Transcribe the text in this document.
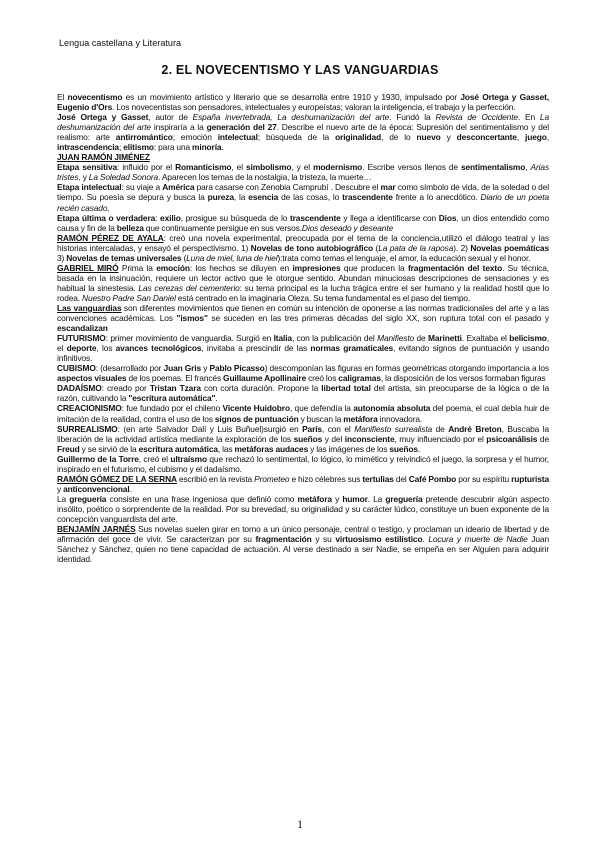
Lengua castellana y Literatura
2. EL NOVECENTISMO Y LAS VANGUARDIAS

El novecentismo es un movimiento artístico y literario que se desarrolla entre 1910 y 1930, impulsado por José Ortega y Gasset, Eugenio d'Ors. Los novecentistas son pensadores, intelectuales y europeístas; valoran la inteligencia, el trabajo y la perfección.

José Ortega y Gasset, autor de España invertebrada, La deshumanización del arte. Fundó la Revista de Occidente. En La deshumanización del arte inspiraría a la generación del 27. Describe el nuevo arte de la época: Supresión del sentimentalismo y del realismo: arte antirromántico; emoción intelectual; búsqueda de la originalidad, de lo nuevo y desconcertante, juego, intrascendencia; elitismo: para una minoría.

JUAN RAMÓN JIMÉNEZ

Etapa sensitiva: influido por el Romanticismo, el simbolismo, y el modernismo. Escribe versos llenos de sentimentalismo, Arias tristes, y La Soledad Sonora. Aparecen los temas de la nostalgia, la tristeza, la muerte…

Etapa intelectual: su viaje a América para casarse con Zenobia Camprubí . Descubre el mar como símbolo de vida, de la soledad o del tiempo. Su poesía se depura y busca la pureza, la esencia de las cosas, lo trascendente frente a lo anecdótico. Diario de un poeta recién casado,

Etapa última o verdadera: exilio, prosigue su búsqueda de lo trascendente y llega a identificarse con Dios, un dios entendido como causa y fin de la belleza que continuamente persigue en sus versos.Dios deseado y deseante

RAMÓN PÉREZ DE AYALA: creó una novela experimental, preocupada por el tema de la conciencia,utilizó el diálogo teatral y las historias intercaladas, y ensayó el perspectivismo. 1) Novelas de tono autobiográfico (La pata de la raposa). 2) Novelas poemáticas 3) Novelas de temas universales (Luna de miel, luna de hiel):trata como temas el lenguaje, el amor, la educación sexual y el honor.

GABRIEL MIRÓ Prima la emoción: los hechos se diluyen en impresiones que producen la fragmentación del texto. Su técnica, basada en la insinuación, requiere un lector activo que le otorgue sentido. Abundan minuciosas descripciones de sensaciones y es habitual la sinestesia. Las cerezas del cementerio: su tema principal es la lucha trágica entre el ser humano y la realidad hostil que lo rodea. Nuestro Padre San Daniel está centrado en la imaginaria Oleza. Su tema fundamental es el paso del tiempo.

Las vanguardias son diferentes movimientos que tienen en común su intención de oponerse a las normas tradicionales del arte y a las convenciones académicas. Los "ismos" se suceden en las tres primeras décadas del siglo XX, son ruptura total con el pasado y escandalizan

FUTURISMO: primer movimiento de vanguardia. Surgió en Italia, con la publicación del Manifiesto de Marinetti. Exaltaba el belicismo, el deporte, los avances tecnológicos, invitaba a prescindir de las normas gramaticales, evitando signos de puntuación y usando infinitivos.

CUBISMO: (desarrollado por Juan Gris y Pablo Picasso) descomponían las figuras en formas geométricas otorgando importancia a los aspectos visuales de los poemas. El francés Guillaume Apollinaire creó los caligramas, la disposición de los versos formaban figuras

DADAÍSMO: creado por Tristan Tzara con corta duración. Propone la libertad total del artista, sin preocuparse de la lógica o de la razón, cultivando la "escritura automática".

CREACIONISMO: fue fundado por el chileno Vicente Huidobro, que defendía la autonomía absoluta del poema, el cual debía huir de imitación de la realidad, contra el uso de los signos de puntuación y buscan la metáfora innovadora.

SURREALISMO: (en arte Salvador Dalí y Luis Buñuel)surgió en París, con el Manifiesto surrealista de André Breton, Buscaba la liberación de la actividad artística mediante la exploración de los sueños y del inconsciente, muy influenciado por el psicoanálisis de Freud y se sirvió de la escritura automática, las metáforas audaces y las imágenes de los sueños.

Guillermo de la Torre, creó el ultraísmo que rechazó lo sentimental, lo lógico, lo mimético y reivindicó el juego, la sorpresa y el humor, inspirado en el futurismo, el cubismo y el dadaísmo.

RAMÓN GÓMEZ DE LA SERNA escribió en la revista Prometeo e hizo célebres sus tertulias del Café Pombo por su espíritu rupturista y anticonvencional.

La greguería consiste en una frase ingeniosa que definió como metáfora y humor. La greguería pretende descubrir algún aspecto insólito, poético o sorprendente de la realidad. Por su brevedad, su originalidad y su carácter lúdico, constituye un buen exponente de la concepción vanguardista del arte.

BENJAMÍN JARNÉS Sus novelas suelen girar en torno a un único personaje, central o testigo, y proclaman un ideario de libertad y de afirmación del goce de vivir. Se caracterizan por su fragmentación y su virtuosismo estilístico. Locura y muerte de Nadie Juan Sánchez y Sánchez, quien no tiene capacidad de actuación. Al verse destinado a ser Nadie, se empeña en ser Alguien para adquirir identidad.

1
